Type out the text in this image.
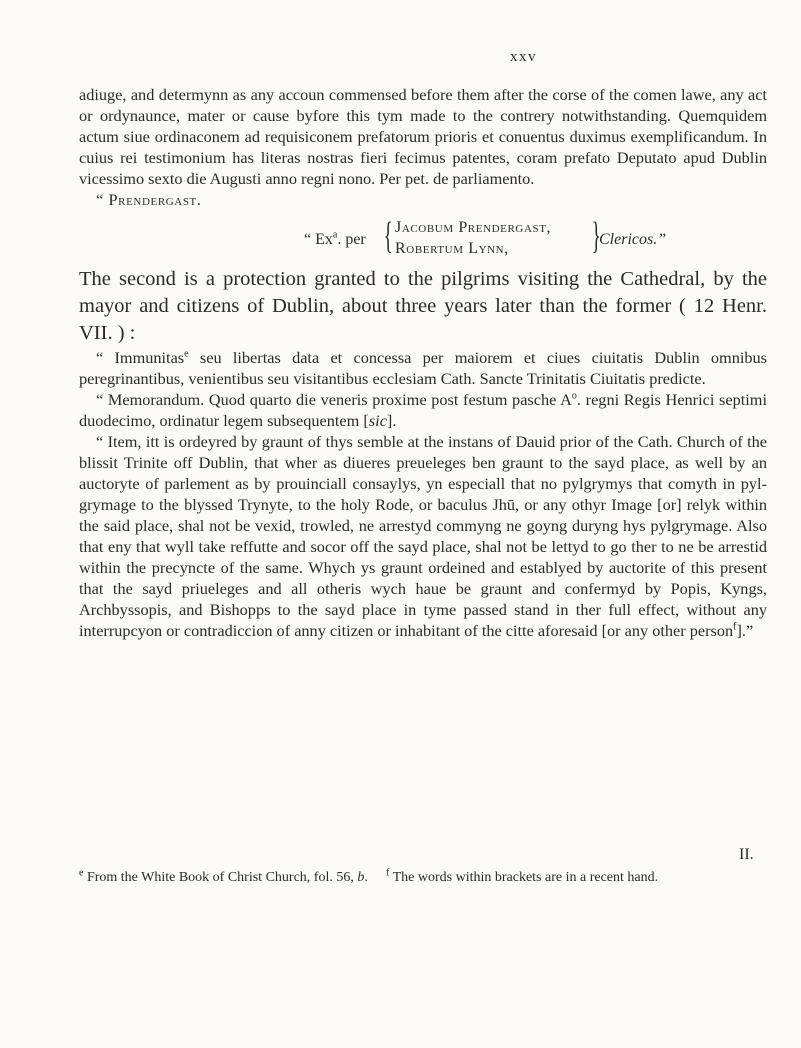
xxv

adiuge, and determynn as any accoun commensed before them after the corse of the comen lawe, any act or ordynaunce, mater or cause byfore this tym made to the contrery notwithstanding. Quemquidem actum siue ordinaconem ad requisiconem prefatorum prioris et conuentus duximus exemplificandum. In cuius rei testimonium has literas nostras fieri fecimus patentes, coram prefato Deputato apud Dublin vicessimo sexto die Augusti anno regni nono. Per pet. de parliamento.

“ Prendergast.

“ Ex$^a$. per { Jacobum Prendergast,
Robertum Lynn,	}
Clericos.”

The second is a protection granted to the pilgrims visiting the Cathedral, by the mayor and citizens of Dublin, about three years later than the former ( 12 Henr. VII. ) :

“ Immunitas$^e$ seu libertas data et concessa per maiorem et ciues ciuitatis Dublin omnibus peregrinantibus, venientibus seu visitantibus ecclesiam Cath. Sancte Trinitatis Ciuitatis predicte.

“ Memorandum. Quod quarto die veneris proxime post festum pasche $A^o$. regni Regis Henrici septimi duodecimo, ordinatur legem subsequentem [sic].

“ Item, itt is ordeyred by graunt of thys semble at the instans of Dauid prior of the Cath. Church of the blissit Trinite off Dublin, that wher as diueres preueleges ben graunt to the sayd place, as well by an auctoryte of parlement as by prouinciall consaylys, yn especiall that no pylgrymys that comyth in pylgrymage to the blyssed Trynyte, to the holy Rode, or baculus Jhū, or any othyr Image [or] relyk within the said place, shal not be vexid, trowled, ne arrestyd commyng ne goyng duryng hys pylgrymage. Also that eny that wyll take reffutte and socor off the sayd place, shal not be lettyd to go ther to ne be arrestid within the precyncte of the same. Whych ys graunt ordeined and establyed by auctorite of this present that the sayd priueleges and all otheris wych haue be graunt and confermyd by Popis, Kyngs, Archbyssopis, and Bishopps to the sayd place in tyme passed stand in ther full effect, without any interrupcyon or contradiccion of anny citizen or inhabitant of the citte aforesaid [or any other person$^f$].”

II.
$^e$ From the White Book of Christ Church, fol. 56, b. $^f$ The words within brackets are in a recent hand.
